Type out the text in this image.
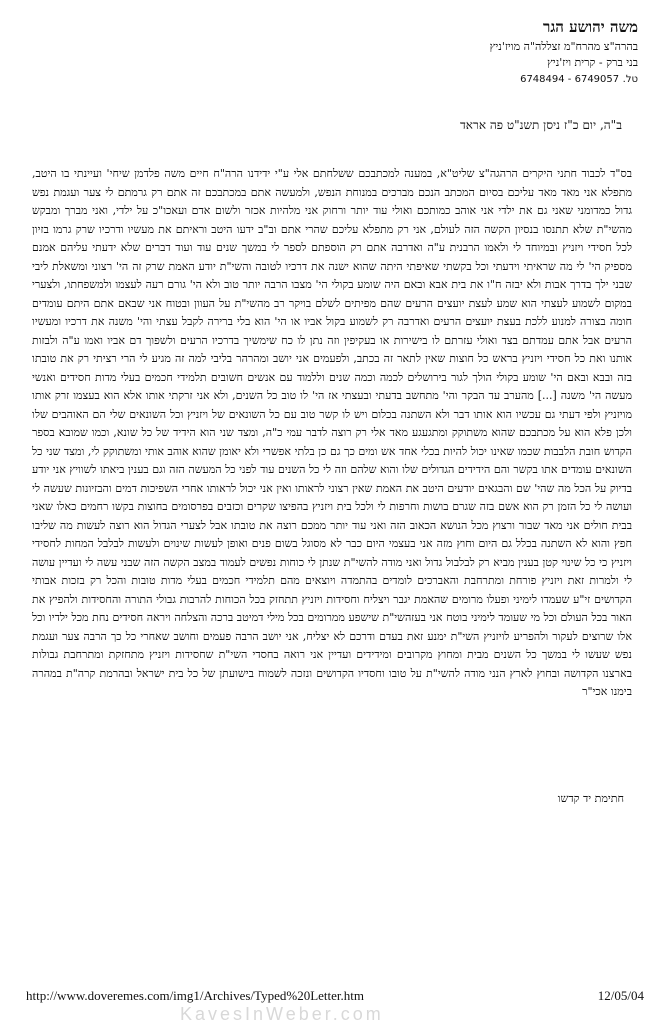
משה יהושע הגר
בהרה"צ מהרח"מ זצללה"ה מויז'ניץ
בני ברק - קרית ויז'ניץ
טל. 6749057 - 6748494
ב"ה, יום כ"ז ניסן תשנ"ט פה אראד

בס"ד לכבוד חתני היקרים הרהגה"צ שליט"א, במענה למכתבכם ששלחתם אלי ע"י ידידנו הרה"ח חיים משה פלדמן שיחי' ועיינתי בו היטב, מתפלא אני מאד מאד עליכם בסיום המכתב הנכם מברכים במנוחת הנפש, ולמעשה אתם במכתבכם זה אתם רק גרמתם לי צער ועגמת נפש גדול כמדומני שאני גם את ילדי אני אוהב כמותכם ואולי עוד יותר ורחוק אני מלהיות אכזר ולשום אדם ועאכו"כ על ילדי, ואני מברך ומבקש מהשי"ת שלא תתנסו בנסיון הקשה הזה לעולם, אני רק מתפלא עליכם שהרי אתם וב"ב ידעו היטב וראיתם את מעשיו ודרכיו שרק גרמו בזיון לכל חסידי ויזניץ ובמיוחד לי ולאמו הרבנית ע"ה ואדרבה אתם רק הוספתם לספר לי במשך שנים עוד ועוד דברים שלא ידעתי עליהם אמנם מספיק הי' לי מה שראיתי וידעתי וכל בקשתי שאיפתי היתה שהוא ישנה את דרכיו לטובה והשי"ת יודע האמת שרק זה הי' רצוני ומשאלת ליבי שבני ילך בדרך אבות ולא יבזה ח"ו את בית אבא ובאם היה שומע בקולי הי' מצבו הרבה יותר טוב ולא הי' גורם רעה לעצמו ולמשפחתו, ולצערי במקום לשמוע לעצתי הוא שמע לעצת יועצים הרעים שהם מפיתים לשלם בויקר רב מהשי"ת על העוון ובטוח אני שבאם אתם היתם עומדים חומה בצורה למנוע ללכת בעצת יועצים הרעים ואדרבה רק לשמוע בקול אביו או הי' הוא בלי ברירה לקבל עצתי והי' משנה את דרכיו ומעשיו הרעים אבל אתם עמדתם בצד ואולי עזרתם לו בישירות או בעקיפין וזה נתן לו כח שימשיך בדרכיו הרעים ולשפוך דם אביו ואמו ע"ה ולבזות אותנו ואת כל חסידי ויזניץ בראש כל חוצות שאין לתאר זה בכתב, ולפעמים אני יושב ומהרהר בליבי למה זה מגיע לי הרי רציתי רק את טובתו בזה ובבא ובאם הי' שומע בקולי הולך לגור בירושלים לכמה וכמה שנים וללמוד עם אנשים חשובים תלמידי חכמים בעלי מדות חסידים ואנשי מעשה הי' משנה [...] מהערב עד הבקר והי' מתחשב בדעתי ובעצתי אז הי' לו טוב כל השנים, ולא אני זרקתי אותו אלא הוא בעצמו זרק אותו מויזניץ ולפי דעתי גם עכשיו הוא אותו דבר ולא השתנה בכלום ויש לו קשר טוב עם כל השונאים של ויזניץ וכל השונאים שלי הם האוהבים שלו ולכן פלא הוא על מכתבכם שהוא משתוקק ומתגעגע מאד אלי רק רוצה לדבר עמי כ"ה, ומצד שני הוא הידיד של כל שונא, וכמו שמובא בספר הקדוש חובת הלבבות שכמו שאינו יכול להיות בכלי אחד אש ומים כך גם כן בלתי אפשרי ולא יאומן שהוא אוהב אותי ומשתוקק לי, ומצד שני כל השונאים עומדים אתו בקשר והם הידידים הגדולים שלו והוא שלהם וזה לי כל השנים עוד לפני כל המעשה הזה וגם בענין ביאתו לשוויץ אני יודע בדיוק על הכל מה שהי' שם והבגאים יודעים היטב את האמת שאין רצוני לראותו ואין אני יכול לראותו אחרי השפיכות דמים והבזיונות שעשה לי ועושה לי כל הזמן רק הוא אשם בזה שגרם בושות וחרפות לי ולכל בית ויזניץ בהפיצו שקרים וכזבים בפרסומים בחוצות בקשו רחמים כאלו שאני בבית חולים אני מאד שבור ורצוץ מכל הנושא הכאוב הזה ואני עוד יותר ממכם רוצה את טובתו אבל לצערי הגדול הוא רוצה לעשות מה שליבו חפץ והוא לא השתנה בכלל גם היום וחוץ מזה אני בעצמי היום כבר לא מסוגל בשום פנים ואופן לעשות שינוים ולעשות לבלבל המחות לחסידי ויזניץ כי כל שינוי קטן בענין מביא רק לבלבול גדול ואני מודה להשי"ת שנתן לי כוחות נפשים לעמוד במצב הקשה הזה שבני עשה לי ועדיין עושה לי ולמרות זאת ויזניץ פורחת ומתרחבת והאברכים לומדים בהתמדה ויוצאים מהם תלמידי חכמים בעלי מדות טובות והכל רק בזכות אבותי הקדושים זי"ע שעמדו לימיני ופעלו מרומים שהאמת יגבר ויצליח וחסידות ויזניץ תתחזק בכל הכוחות להרבות גבולי התורה והחסידות ולהפיץ את האור בכל העולם וכל מי שעומד לימיני בוטח אני בעזהשי"ת שישפע ממרומים בכל מילי דמיטב ברכה והצלחה ויראה חסידים נחת מכל ילדיו וכל אלו שרוצים לעקור ולהפריע לויזניץ השי"ת ימנע זאת בעדם ודרכם לא יצליח, אני יושב הרבה פעמים וחושב שאחרי כל כך הרבה צער ועגמת נפש שעשו לי במשך כל השנים מבית ומחוץ מקרובים ומידידים ועדיין אני רואה בחסדי השי"ת שחסידות ויזניץ מתחזקת ומתרחבת גבולות בארצנו הקדושה ובחוץ לארץ הנני מודה להשי"ת על טובו וחסדיו הקדושים ונזכה לשמוח בישועתן של כל בית ישראל ובהרמת קרה"ת במהרה בימנו אכי"ר

חתימת יד קדשו
http://www.doveremes.com/img1/Archives/Typed%20Letter.htm	12/05/04
KavesInWeber.com
